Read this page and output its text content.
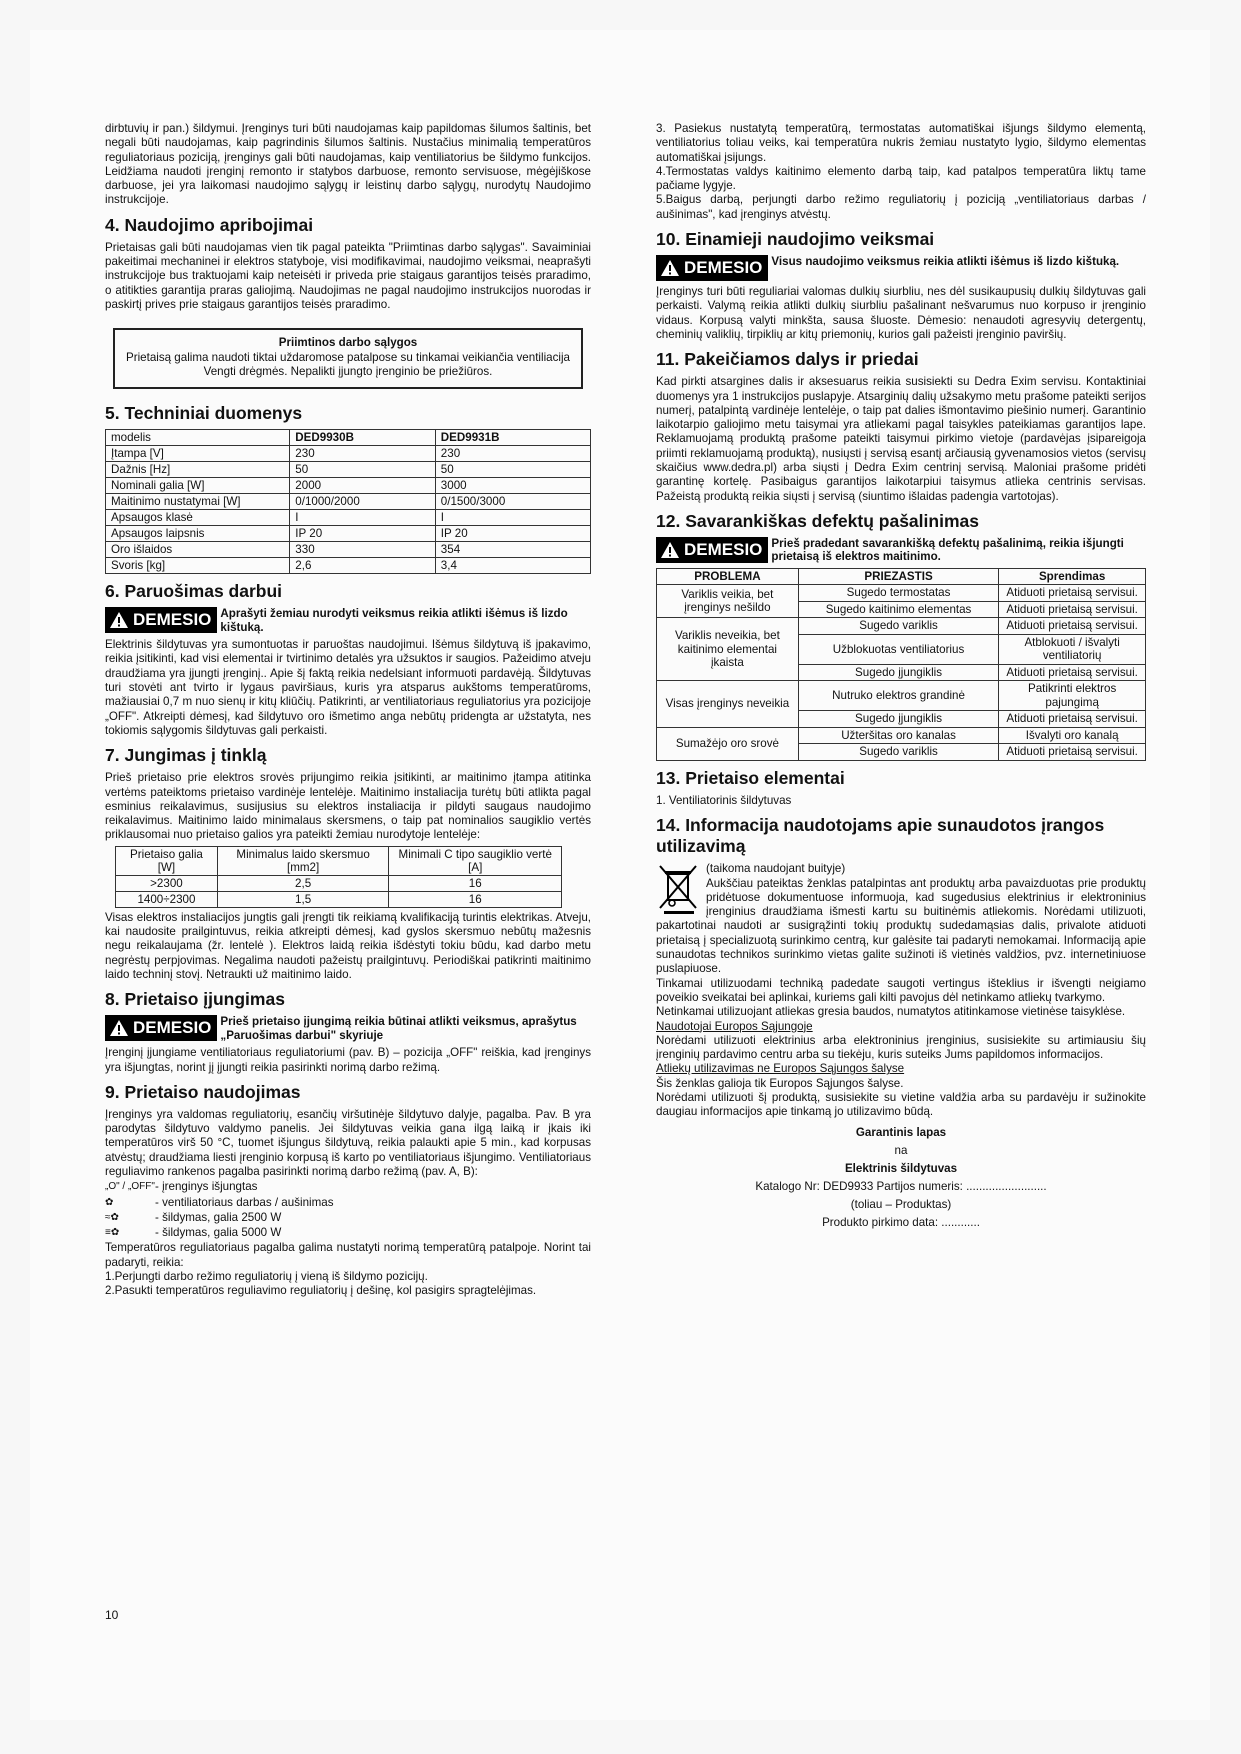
dirbtuvių ir pan.) šildymui. Įrenginys turi būti naudojamas kaip papildomas šilumos šaltinis, bet negali būti naudojamas, kaip pagrindinis šilumos šaltinis. Nustačius minimalią temperatūros reguliatoriaus poziciją, įrenginys gali būti naudojamas, kaip ventiliatorius be šildymo funkcijos. Leidžiama naudoti įrenginį remonto ir statybos darbuose, remonto servisuose, mėgėjiškose darbuose, jei yra laikomasi naudojimo sąlygų ir leistinų darbo sąlygų, nurodytų Naudojimo instrukcijoje.

4. Naudojimo apribojimai

Prietaisas gali būti naudojamas vien tik pagal pateikta "Priimtinas darbo sąlygas". Savaiminiai pakeitimai mechaninei ir elektros statyboje, visi modifikavimai, naudojimo veiksmai, neaprašyti instrukcijoje bus traktuojami kaip neteisėti ir priveda prie staigaus garantijos teisės praradimo, o atitikties garantija praras galiojimą. Naudojimas ne pagal naudojimo instrukcijos nuorodas ir paskirtį prives prie staigaus garantijos teisės praradimo.

Priimtinos darbo sąlygos
Prietaisą galima naudoti tiktai uždaromose patalpose su tinkamai veikiančia ventiliacija Vengti drėgmės. Nepalikti įjungto įrenginio be priežiūros.
5. Techniniai duomenys
modelis	DED9930B	DED9931B
Įtampa [V]	230	230
Dažnis [Hz]	50	50
Nominali galia [W]	2000	3000
Maitinimo nustatymai [W]	0/1000/2000	0/1500/3000
Apsaugos klasė	I	I
Apsaugos laipsnis	IP 20	IP 20
Oro išlaidos	330	354
Svoris [kg]	2,6	3,4
6. Paruošimas darbui
DEMESIO Aprašyti žemiau nurodyti veiksmus reikia atlikti išėmus iš lizdo kištuką.

Elektrinis šildytuvas yra sumontuotas ir paruoštas naudojimui. Išėmus šildytuvą iš įpakavimo, reikia įsitikinti, kad visi elementai ir tvirtinimo detalės yra užsuktos ir saugios. Pažeidimo atveju draudžiama yra įjungti įrenginį.. Apie šį faktą reikia nedelsiant informuoti pardavėją. Šildytuvas turi stovėti ant tvirto ir lygaus paviršiaus, kuris yra atsparus aukštoms temperatūroms, mažiausiai 0,7 m nuo sienų ir kitų kliūčių. Patikrinti, ar ventiliatoriaus reguliatorius yra pozicijoje „OFF". Atkreipti dėmesį, kad šildytuvo oro išmetimo anga nebūtų pridengta ar užstatyta, nes tokiomis sąlygomis šildytuvas gali perkaisti.

7. Jungimas į tinklą

Prieš prietaiso prie elektros srovės prijungimo reikia įsitikinti, ar maitinimo įtampa atitinka vertėms pateiktoms prietaiso vardinėje lentelėje. Maitinimo instaliacija turėtų būti atlikta pagal esminius reikalavimus, susijusius su elektros instaliacija ir pildyti saugaus naudojimo reikalavimus. Maitinimo laido minimalaus skersmens, o taip pat nominalios saugiklio vertės priklausomai nuo prietaiso galios yra pateikti žemiau nurodytoje lentelėje:

Prietaiso galia [W]	Minimalus laido skersmuo [mm2]	Minimali C tipo saugiklio vertė [A]
>2300	2,5	16
1400÷2300	1,5	16

Visas elektros instaliacijos jungtis gali įrengti tik reikiamą kvalifikaciją turintis elektrikas. Atveju, kai naudosite prailgintuvus, reikia atkreipti dėmesį, kad gyslos skersmuo nebūtų mažesnis negu reikalaujama (žr. lentelė ). Elektros laidą reikia išdėstyti tokiu būdu, kad darbo metu negrėstų perpjovimas. Negalima naudoti pažeistų prailgintuvų. Periodiškai patikrinti maitinimo laido techninį stovį. Netraukti už maitinimo laido.

8. Prietaiso įjungimas
DEMESIO Prieš prietaiso įjungimą reikia būtinai atlikti veiksmus, aprašytus „Paruošimas darbui" skyriuje

Įrenginį įjungiame ventiliatoriaus reguliatoriumi (pav. B) – pozicija „OFF" reiškia, kad įrenginys yra išjungtas, norint jį įjungti reikia pasirinkti norimą darbo režimą.

9. Prietaiso naudojimas

Įrenginys yra valdomas reguliatorių, esančių viršutinėje šildytuvo dalyje, pagalba. Pav. B yra parodytas šildytuvo valdymo panelis. Jei šildytuvas veikia gana ilgą laiką ir įkais iki temperatūros virš 50 °C, tuomet išjungus šildytuvą, reikia palaukti apie 5 min., kad korpusas atvėstų; draudžiama liesti įrenginio korpusą iš karto po ventiliatoriaus išjungimo. Ventiliatoriaus reguliavimo rankenos pagalba pasirinkti norimą darbo režimą (pav. A, B):

„O" / „OFF" - įrenginys išjungtas
✿	- ventiliatoriaus darbas / aušinimas
≈✿	- šildymas, galia 2500 W
≡✿	- šildymas, galia 5000 W

Temperatūros reguliatoriaus pagalba galima nustatyti norimą temperatūrą patalpoje. Norint tai padaryti, reikia:

1.Perjungti darbo režimo reguliatorių į vieną iš šildymo pozicijų.

2.Pasukti temperatūros reguliavimo reguliatorių į dešinę, kol pasigirs spragtelėjimas.

3. Pasiekus nustatytą temperatūrą, termostatas automatiškai išjungs šildymo elementą, ventiliatorius toliau veiks, kai temperatūra nukris žemiau nustatyto lygio, šildymo elementas automatiškai įsijungs.

4.Termostatas valdys kaitinimo elemento darbą taip, kad patalpos temperatūra liktų tame pačiame lygyje.

5.Baigus darbą, perjungti darbo režimo reguliatorių į poziciją „ventiliatoriaus darbas / aušinimas", kad įrenginys atvėstų.

10. Einamieji naudojimo veiksmai
DEMESIO Visus naudojimo veiksmus reikia atlikti išėmus iš lizdo kištuką.

Įrenginys turi būti reguliariai valomas dulkių siurbliu, nes dėl susikaupusių dulkių šildytuvas gali perkaisti. Valymą reikia atlikti dulkių siurbliu pašalinant nešvarumus nuo korpuso ir įrenginio vidaus. Korpusą valyti minkšta, sausa šluoste. Dėmesio: nenaudoti agresyvių detergentų, cheminių valiklių, tirpiklių ar kitų priemonių, kurios gali pažeisti įrenginio paviršių.

11. Pakeičiamos dalys ir priedai

Kad pirkti atsargines dalis ir aksesuarus reikia susisiekti su Dedra Exim servisu. Kontaktiniai duomenys yra 1 instrukcijos puslapyje. Atsarginių dalių užsakymo metu prašome pateikti serijos numerį, patalpintą vardinėje lentelėje, o taip pat dalies išmontavimo piešinio numerį. Garantinio laikotarpio galiojimo metu taisymai yra atliekami pagal taisykles pateikiamas garantijos lape. Reklamuojamą produktą prašome pateikti taisymui pirkimo vietoje (pardavėjas įsipareigoja priimti reklamuojamą produktą), nusiųsti į servisą esantį arčiausią gyvenamosios vietos (servisų skaičius www.dedra.pl) arba siųsti į Dedra Exim centrinį servisą. Maloniai prašome pridėti garantinę kortelę. Pasibaigus garantijos laikotarpiui taisymus atlieka centrinis servisas. Pažeistą produktą reikia siųsti į servisą (siuntimo išlaidas padengia vartotojas).

12. Savarankiškas defektų pašalinimas
DEMESIO Prieš pradedant savarankišką defektų pašalinimą, reikia išjungti prietaisą iš elektros maitinimo.
PROBLEMA	PRIEZASTIS	Sprendimas
Variklis veikia, bet įrenginys nešildo	Sugedo termostatas	Atiduoti prietaisą servisui.
	Sugedo kaitinimo elementas	Atiduoti prietaisą servisui.
Variklis neveikia, bet kaitinimo elementai įkaista	Sugedo variklis	Atiduoti prietaisą servisui.
	Užblokuotas ventiliatorius	Atblokuoti / išvalyti ventiliatorių
	Sugedo įjungiklis	Atiduoti prietaisą servisui.
Visas įrenginys neveikia	Nutruko elektros grandinė	Patikrinti elektros pajungimą
	Sugedo įjungiklis	Atiduoti prietaisą servisui.
Sumažėjo oro srovė	Užteršitas oro kanalas	Išvalyti oro kanalą
	Sugedo variklis	Atiduoti prietaisą servisui.
13. Prietaiso elementai

1. Ventiliatorinis šildytuvas

14. Informacija naudotojams apie sunaudotos įrangos utilizavimą

(taikoma naudojant buityje)

Aukščiau pateiktas ženklas patalpintas ant produktų arba pavaizduotas prie produktų pridėtuose dokumentuose informuoja, kad sugedusius elektrinius ir elektroninius įrenginius draudžiama išmesti kartu su buitinėmis atliekomis. Norėdami utilizuoti, pakartotinai naudoti ar susigrąžinti tokių produktų sudedamąsias dalis, privalote atiduoti prietaisą į specializuotą surinkimo centrą, kur galėsite tai padaryti nemokamai. Informaciją apie sunaudotas technikos surinkimo vietas galite sužinoti iš vietinės valdžios, pvz. internetiniuose puslapiuose.

Tinkamai utilizuodami techniką padedate saugoti vertingus išteklius ir išvengti neigiamo poveikio sveikatai bei aplinkai, kuriems gali kilti pavojus dėl netinkamo atliekų tvarkymo.

Netinkamai utilizuojant atliekas gresia baudos, numatytos atitinkamose vietinėse taisyklėse.

Naudotojai Europos Sąjungoje

Norėdami utilizuoti elektrinius arba elektroninius įrenginius, susisiekite su artimiausiu šių įrenginių pardavimo centru arba su tiekėju, kuris suteiks Jums papildomos informacijos.

Atliekų utilizavimas ne Europos Sąjungos šalyse

Šis ženklas galioja tik Europos Sąjungos šalyse.

Norėdami utilizuoti šį produktą, susisiekite su vietine valdžia arba su pardavėju ir sužinokite daugiau informacijos apie tinkamą jo utilizavimo būdą.

Garantinis lapas
na
Elektrinis šildytuvas
Katalogo Nr: DED9933 Partijos numeris: .........................
(toliau – Produktas)
Produkto pirkimo data: ............
10
